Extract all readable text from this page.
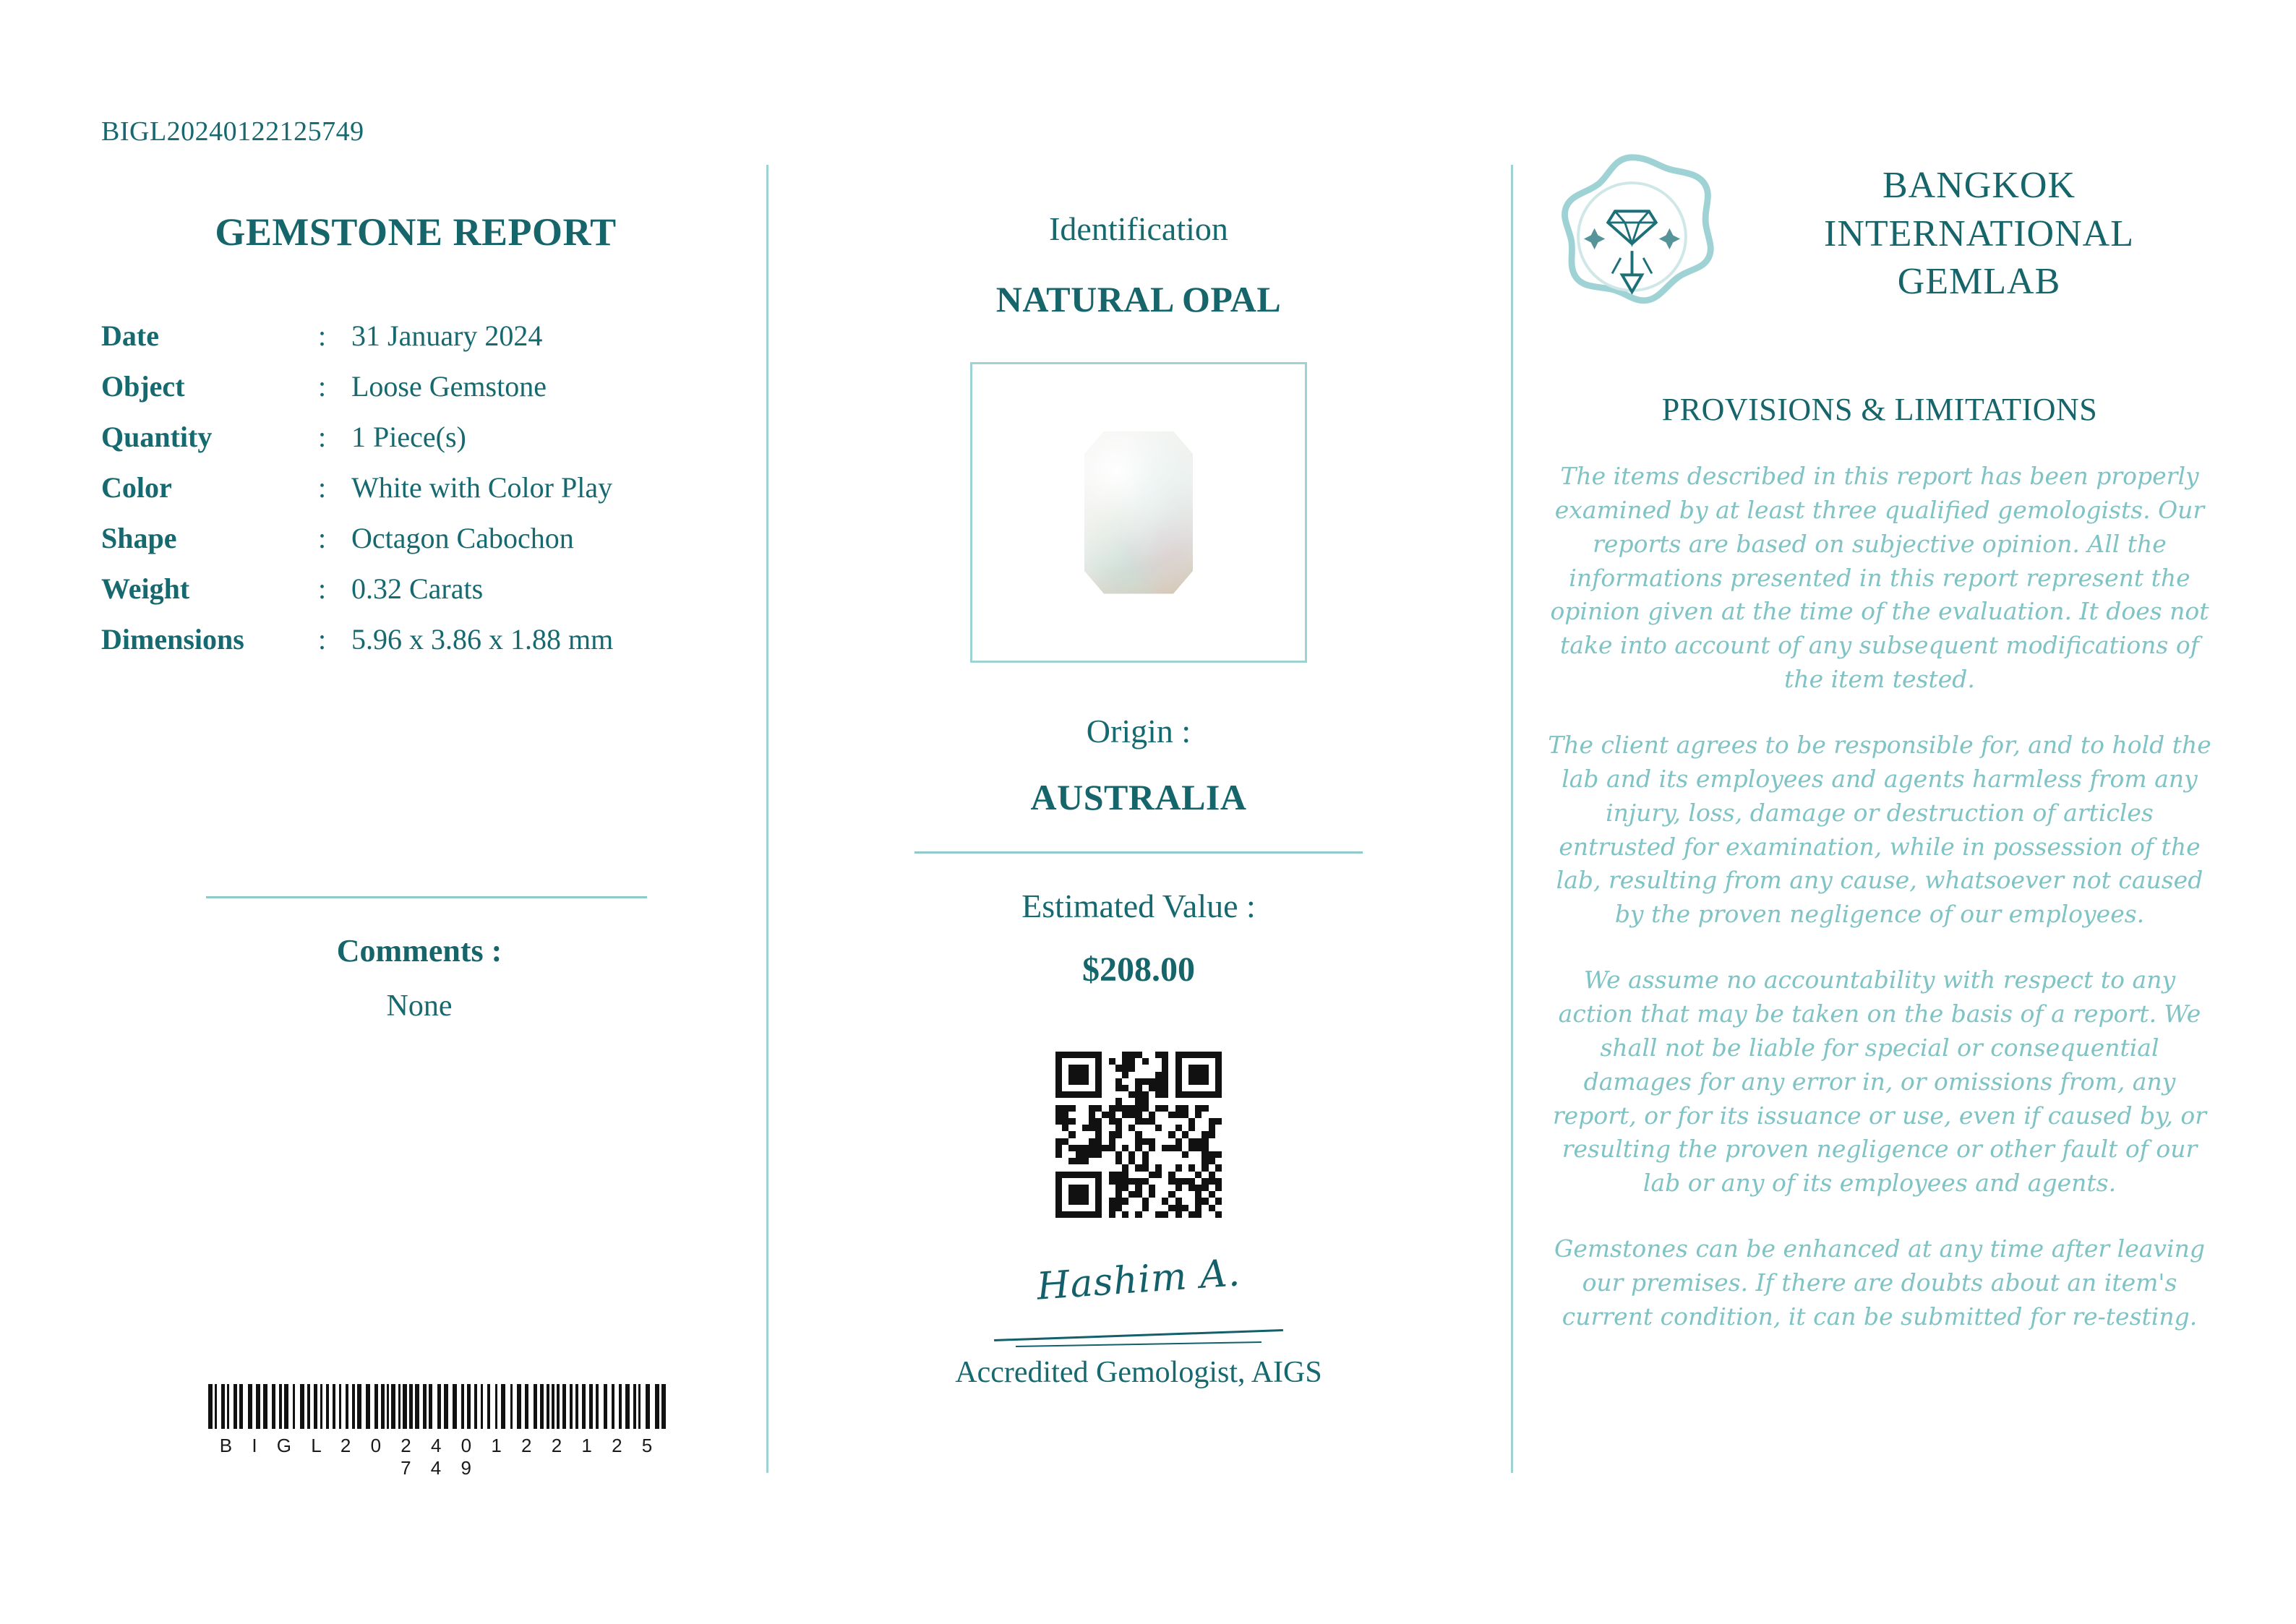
BIGL20240122125749
GEMSTONE REPORT
Date	:	31 January 2024
Object	:	Loose Gemstone
Quantity	:	1 Piece(s)
Color	:	White with Color Play
Shape	:	Octagon Cabochon
Weight	:	0.32 Carats
Dimensions	:	5.96 x 3.86 x 1.88 mm
Comments :
None
B I G L 2 0 2 4 0 1 2 2 1 2 5 7 4 9
Identification
NATURAL OPAL
Origin :
AUSTRALIA
Estimated Value :
$208.00
Hashim A.
Accredited Gemologist, AIGS
BANGKOK INTERNATIONAL GEMLAB
PROVISIONS & LIMITATIONS

The items described in this report has been properly examined by at least three qualified gemologists. Our reports are based on subjective opinion. All the informations presented in this report represent the opinion given at the time of the evaluation. It does not take into account of any subsequent modifications of the item tested.

The client agrees to be responsible for, and to hold the lab and its employees and agents harmless from any injury, loss, damage or destruction of articles entrusted for examination, while in possession of the lab, resulting from any cause, whatsoever not caused by the proven negligence of our employees.

We assume no accountability with respect to any action that may be taken on the basis of a report. We shall not be liable for special or consequential damages for any error in, or omissions from, any report, or for its issuance or use, even if caused by, or resulting the proven negligence or other fault of our lab or any of its employees and agents.

Gemstones can be enhanced at any time after leaving our premises. If there are doubts about an item's current condition, it can be submitted for re-testing.
